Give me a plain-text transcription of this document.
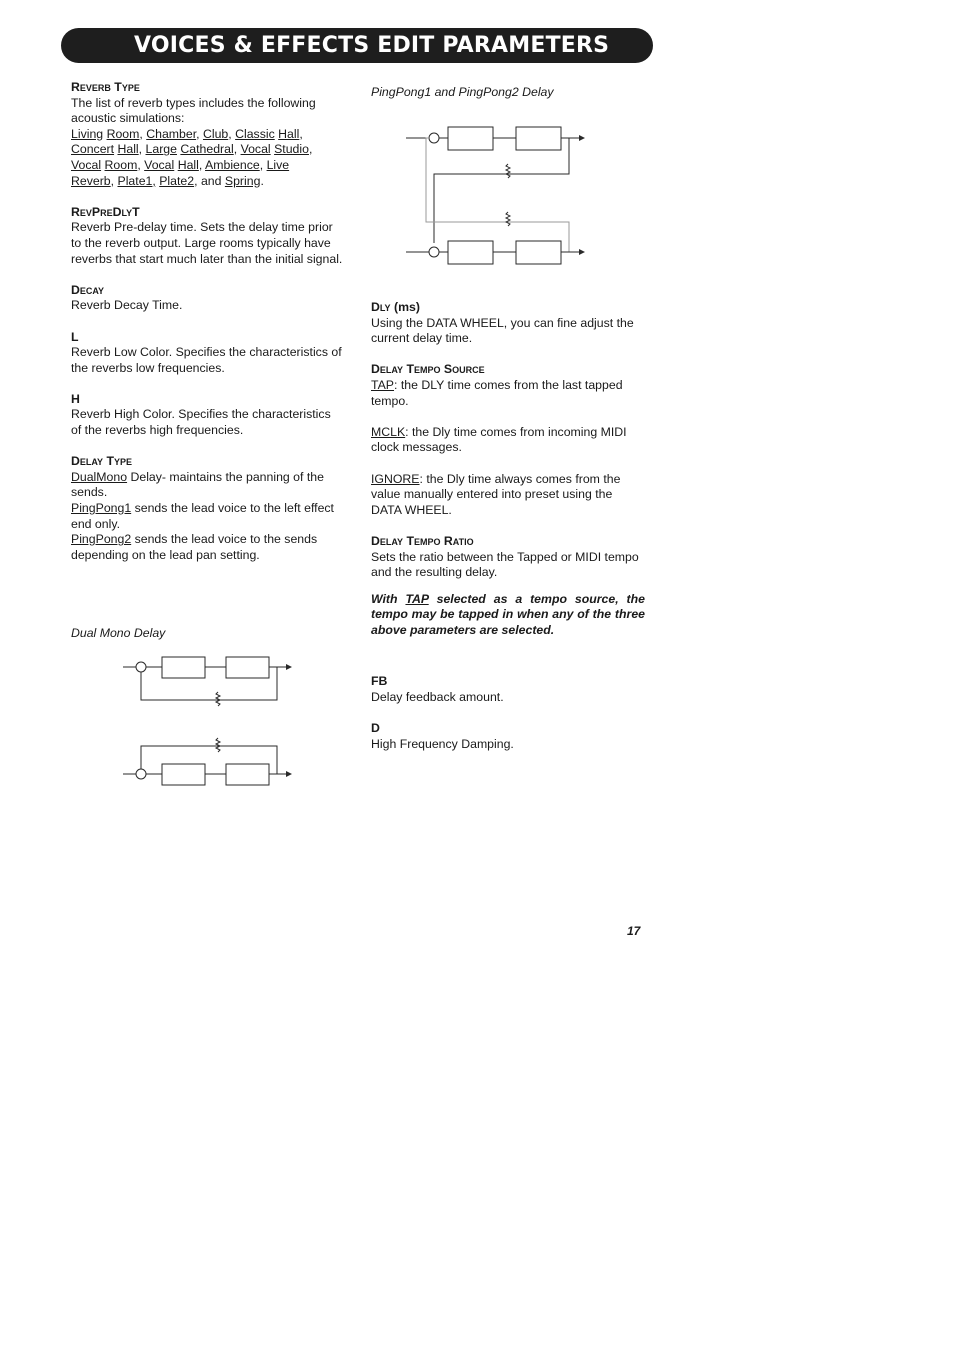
VOICES & EFFECTS EDIT PARAMETERS
Reverb Type

The list of reverb types includes the following acoustic simulations:
Living Room, Chamber, Club, Classic Hall,
Concert Hall, Large Cathedral, Vocal Studio,
Vocal Room, Vocal Hall, Ambience, Live
Reverb, Plate1, Plate2, and Spring.

RevPreDlyT

Reverb Pre-delay time. Sets the delay time prior to the reverb output. Large rooms typically have reverbs that start much later than the initial signal.

Decay

Reverb Decay Time.

L

Reverb Low Color. Specifies the characteristics of the reverbs low frequencies.

H

Reverb High Color. Specifies the characteristics of the reverbs high frequencies.

Delay Type

DualMono Delay- maintains the panning of the sends.

PingPong1 sends the lead voice to the left effect end only.

PingPong2 sends the lead voice to the sends depending on the lead pan setting.

Dual Mono Delay
PingPong1 and PingPong2 Delay
Dly (ms)

Using the DATA WHEEL, you can fine adjust the current delay time.

Delay Tempo Source

TAP: the DLY time comes from the last tapped tempo.

MCLK: the Dly time comes from incoming MIDI clock messages.

IGNORE: the Dly time always comes from the value manually entered into preset using the DATA WHEEL.

Delay Tempo Ratio

Sets the ratio between the Tapped or MIDI tempo and the resulting delay.

With TAP selected as a tempo source, the tempo may be tapped in when any of the three above parameters are selected.

FB

Delay feedback amount.

D

High Frequency Damping.

17
